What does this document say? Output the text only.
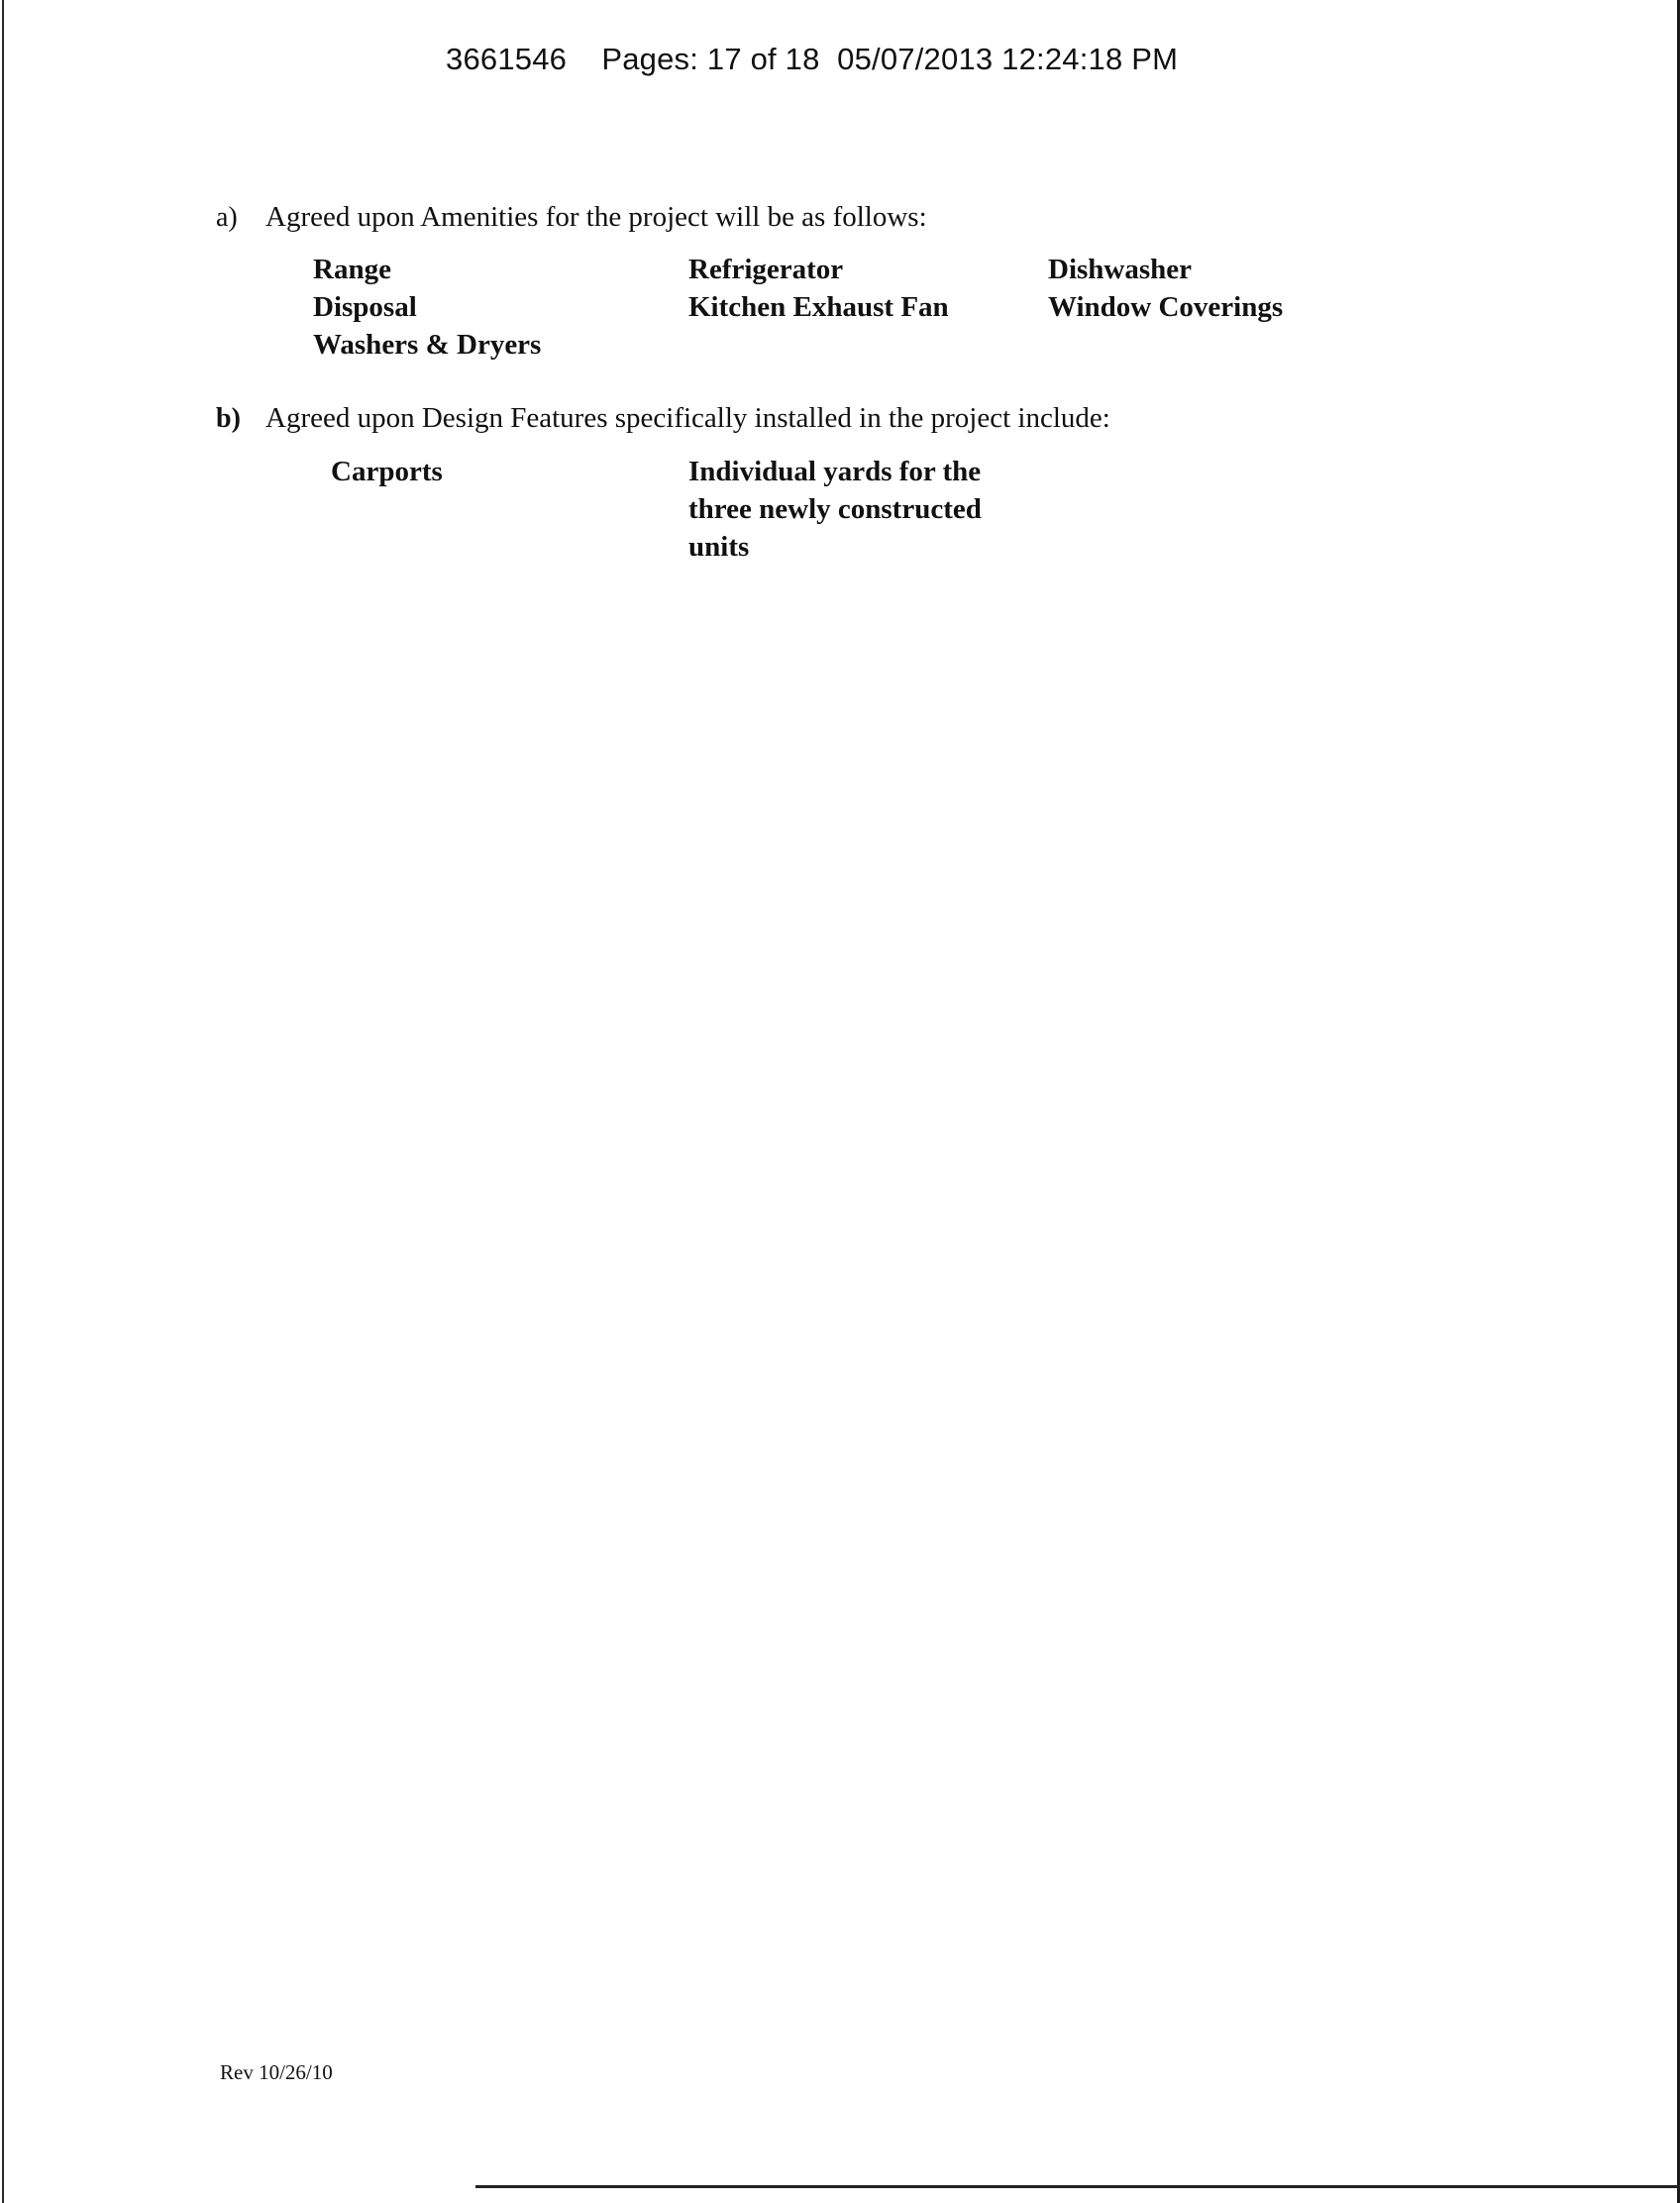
3661546 Pages: 17 of 18 05/07/2013 12:24:18 PM
a) Agreed upon Amenities for the project will be as follows:
Range	Refrigerator	Dishwasher
Disposal	Kitchen Exhaust Fan	Window Coverings
Washers & Dryers
b) Agreed upon Design Features specifically installed in the project include:
Carports	Individual yards for the three newly constructed units
Rev 10/26/10
